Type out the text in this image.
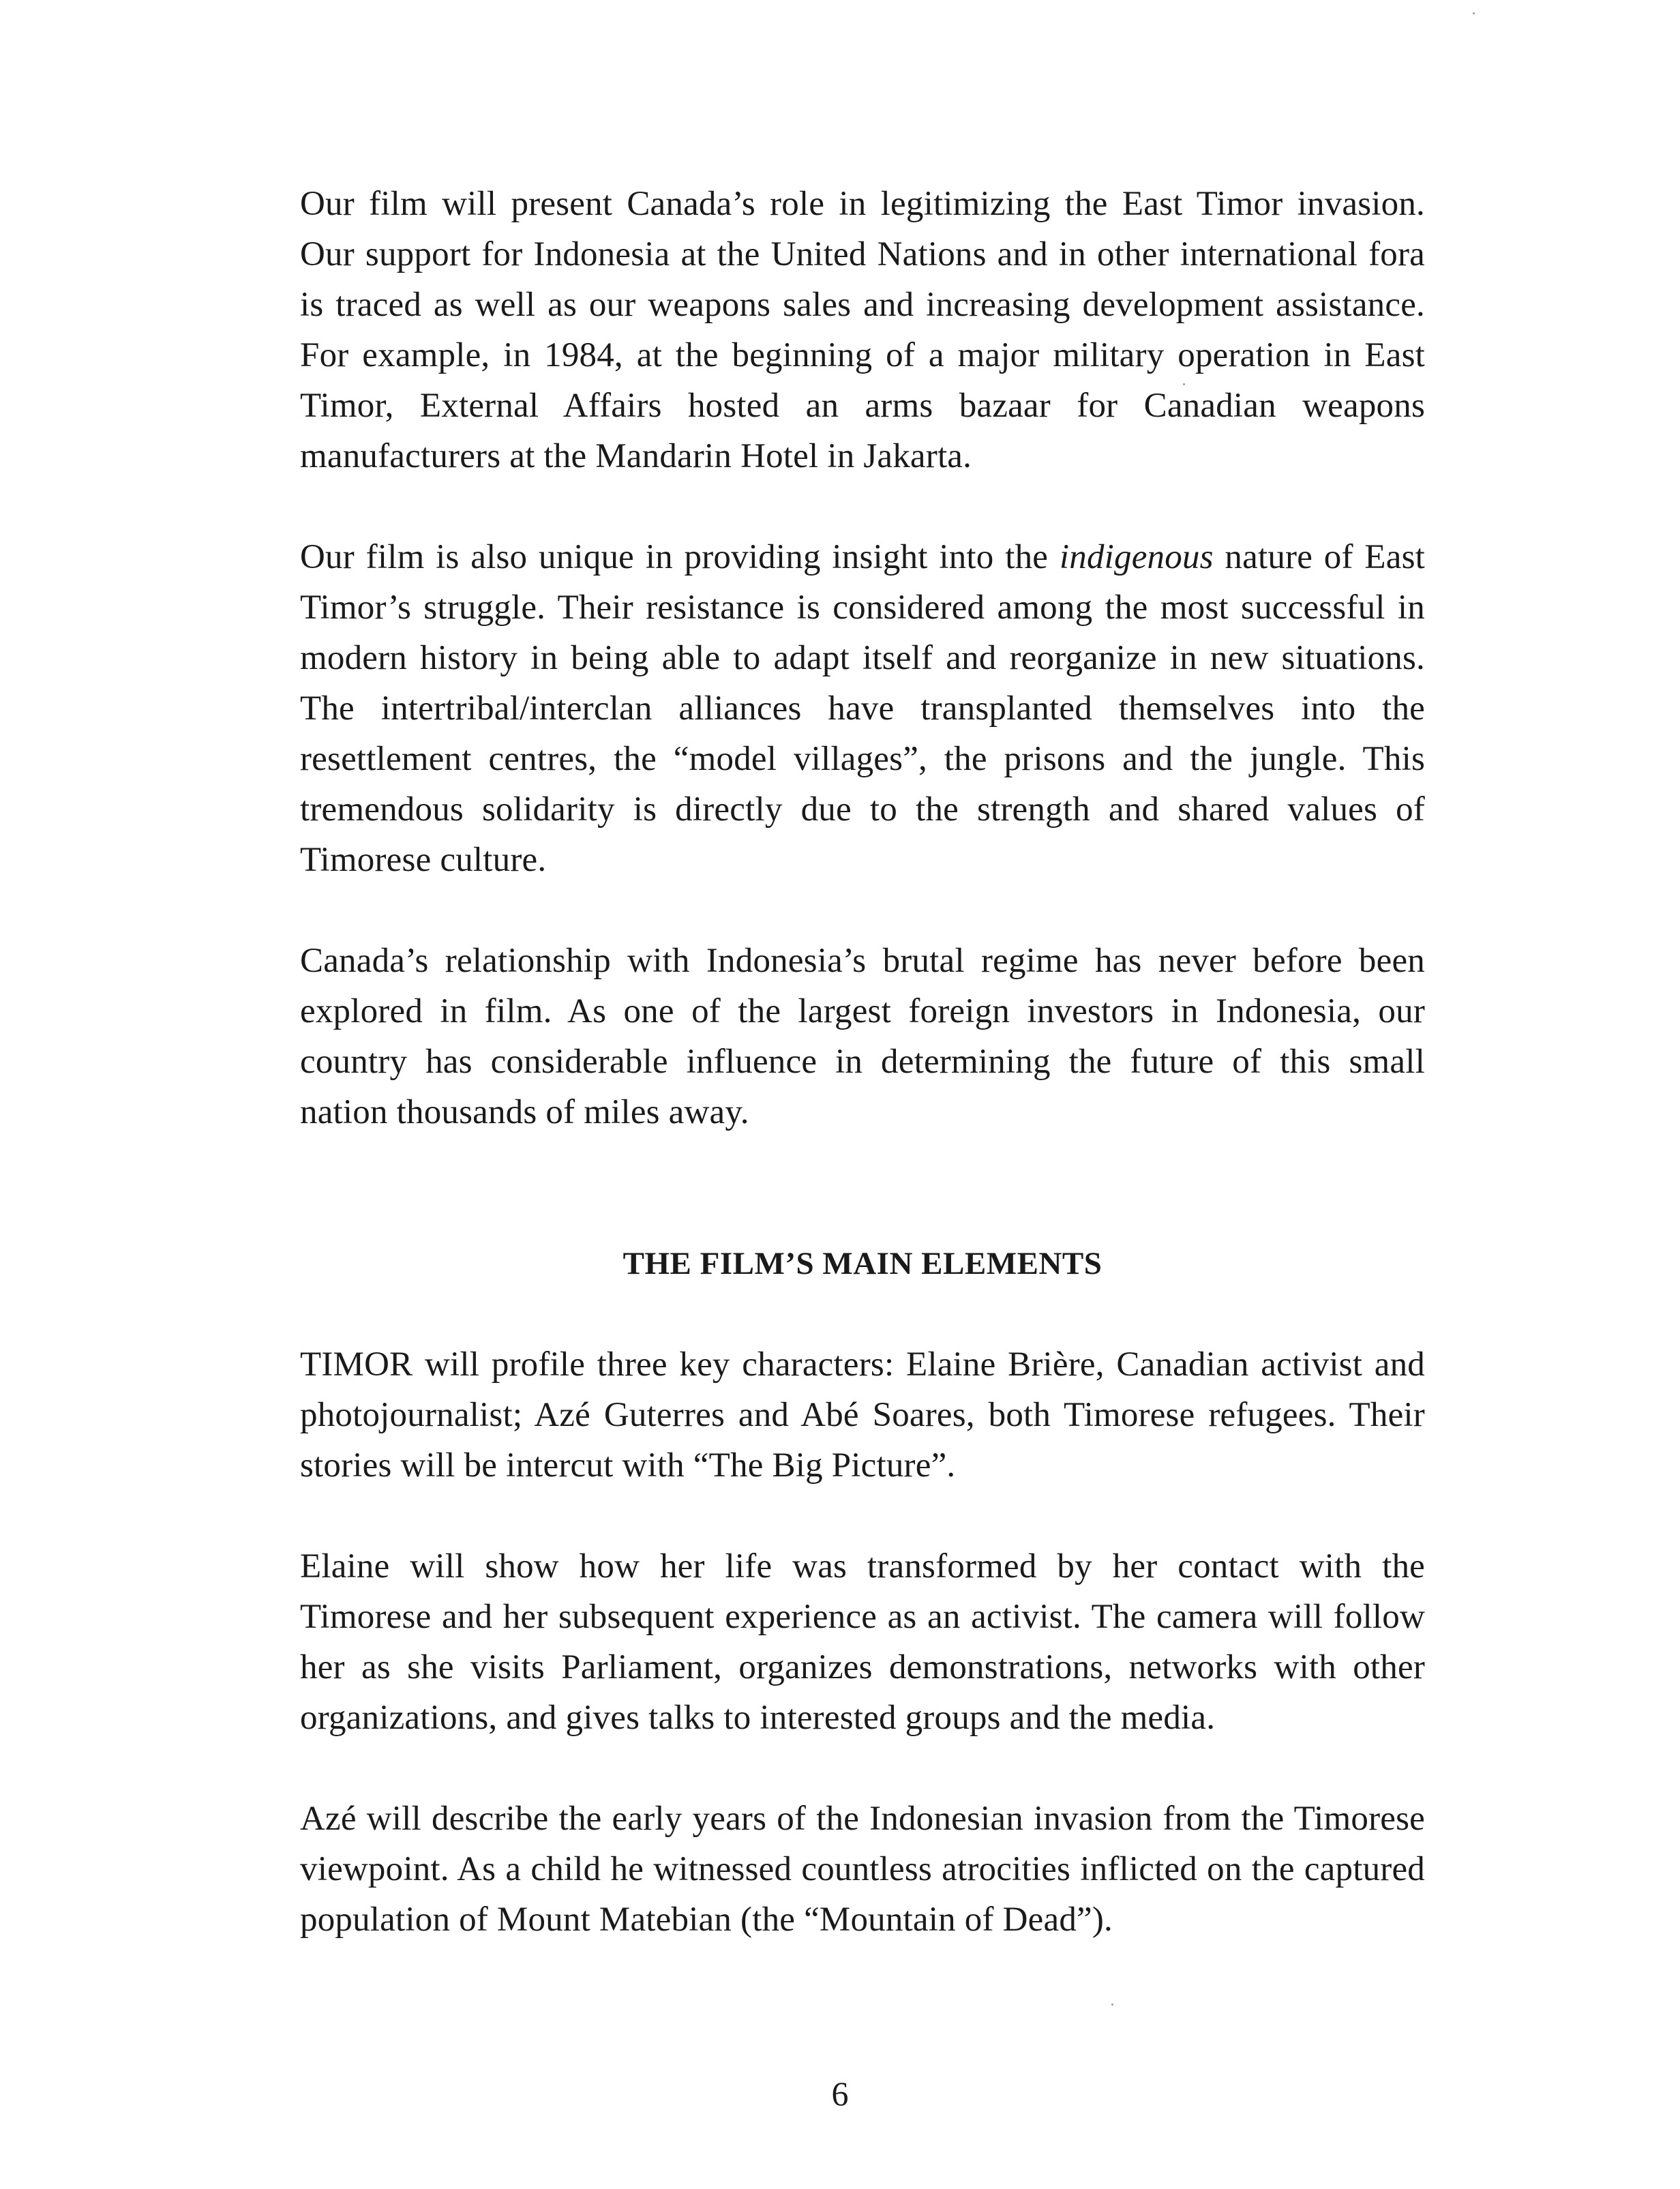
Our film will present Canada’s role in legitimizing the East Timor invasion. Our support for Indonesia at the United Nations and in other international fora is traced as well as our weapons sales and increasing development assistance. For example, in 1984, at the beginning of a major military operation in East Timor, External Affairs hosted an arms bazaar for Canadian weapons manufacturers at the Mandarin Hotel in Jakarta.

Our film is also unique in providing insight into the indigenous nature of East Timor’s struggle. Their resistance is considered among the most successful in modern history in being able to adapt itself and reorganize in new situations. The intertribal/interclan alliances have transplanted themselves into the resettlement centres, the “model villages”, the prisons and the jungle. This tremendous solidarity is directly due to the strength and shared values of Timorese culture.

Canada’s relationship with Indonesia’s brutal regime has never before been explored in film. As one of the largest foreign investors in Indonesia, our country has considerable influence in determining the future of this small nation thousands of miles away.

THE FILM’S MAIN ELEMENTS

TIMOR will profile three key characters: Elaine Brière, Canadian activist and photojournalist; Azé Guterres and Abé Soares, both Timorese refugees. Their stories will be intercut with “The Big Picture”.

Elaine will show how her life was transformed by her contact with the Timorese and her subsequent experience as an activist. The camera will follow her as she visits Parliament, organizes demonstrations, networks with other organizations, and gives talks to interested groups and the media.

Azé will describe the early years of the Indonesian invasion from the Timorese viewpoint. As a child he witnessed countless atrocities inflicted on the captured population of Mount Matebian (the “Mountain of Dead”).

6
